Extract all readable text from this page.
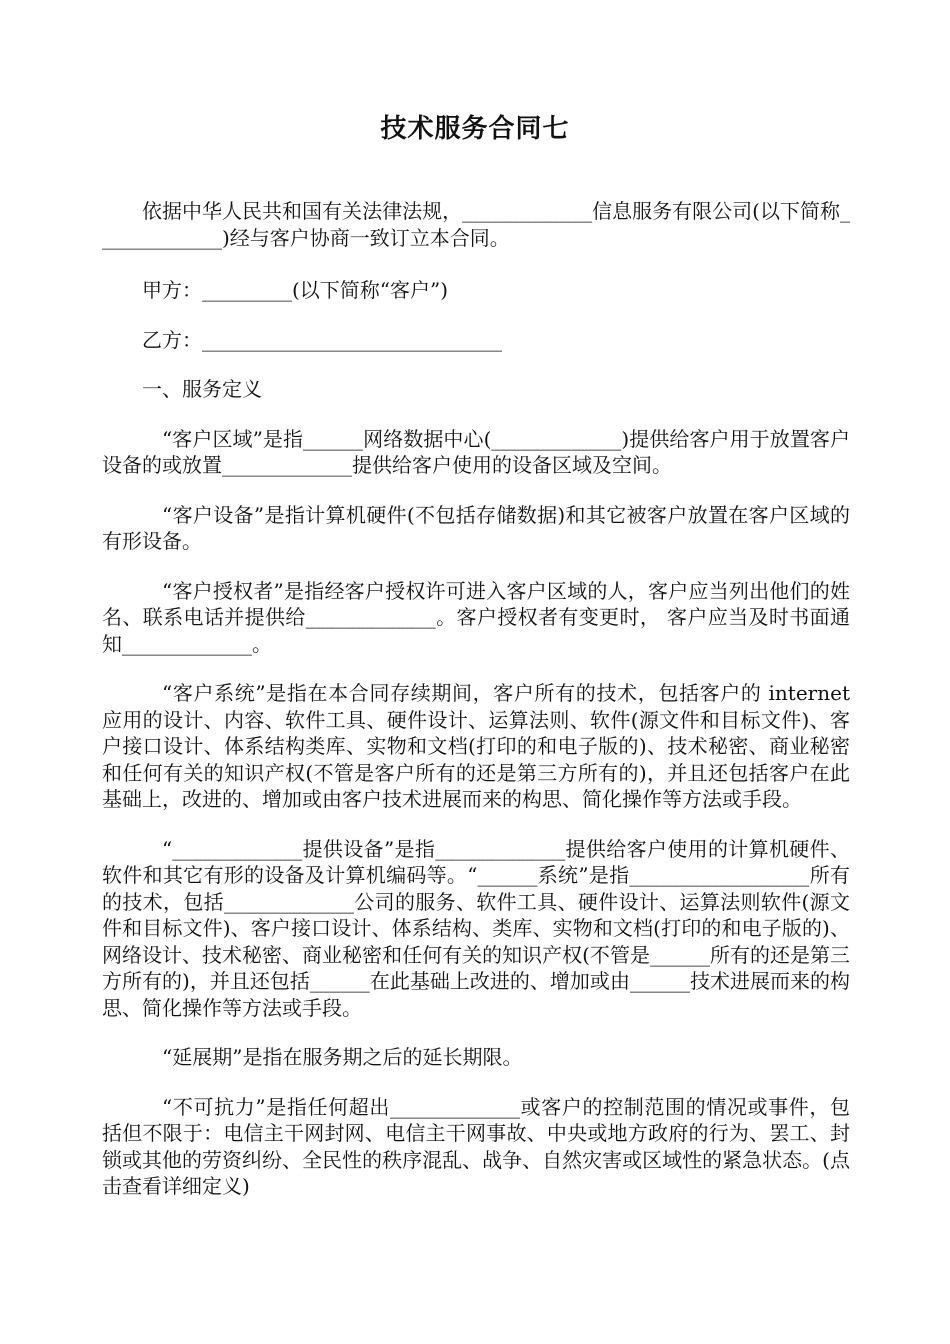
技术服务合同七

依据中华人民共和国有关法律法规，_____________信息服务有限公司(以下简称_____________)经与客户协商一致订立本合同。

甲方：_________(以下简称“客户”)

乙方：______________________________

一、服务定义

“客户区域”是指______网络数据中心(_____________)提供给客户用于放置客户设备的或放置_____________提供给客户使用的设备区域及空间。

“客户设备”是指计算机硬件(不包括存储数据)和其它被客户放置在客户区域的有形设备。

“客户授权者”是指经客户授权许可进入客户区域的人，客户应当列出他们的姓名、联系电话并提供给_____________。客户授权者有变更时， 客户应当及时书面通知_____________。

“客户系统”是指在本合同存续期间，客户所有的技术，包括客户的 internet 应用的设计、内容、软件工具、硬件设计、运算法则、软件(源文件和目标文件)、客户接口设计、体系结构类库、实物和文档(打印的和电子版的)、技术秘密、商业秘密和任何有关的知识产权(不管是客户所有的还是第三方所有的)，并且还包括客户在此基础上，改进的、增加或由客户技术进展而来的构思、简化操作等方法或手段。

“_____________提供设备”是指_____________提供给客户使用的计算机硬件、软件和其它有形的设备及计算机编码等。“______系统”是指__________________所有的技术，包括_____________公司的服务、软件工具、硬件设计、运算法则软件(源文件和目标文件)、客户接口设计、体系结构、类库、实物和文档(打印的和电子版的)、网络设计、技术秘密、商业秘密和任何有关的知识产权(不管是______所有的还是第三方所有的)，并且还包括______在此基础上改进的、增加或由______技术进展而来的构思、简化操作等方法或手段。

“延展期”是指在服务期之后的延长期限。

“不可抗力”是指任何超出_____________或客户的控制范围的情况或事件，包括但不限于：电信主干网封网、电信主干网事故、中央或地方政府的行为、罢工、封锁或其他的劳资纠纷、全民性的秩序混乱、战争、自然灾害或区域性的紧急状态。(点击查看详细定义)
